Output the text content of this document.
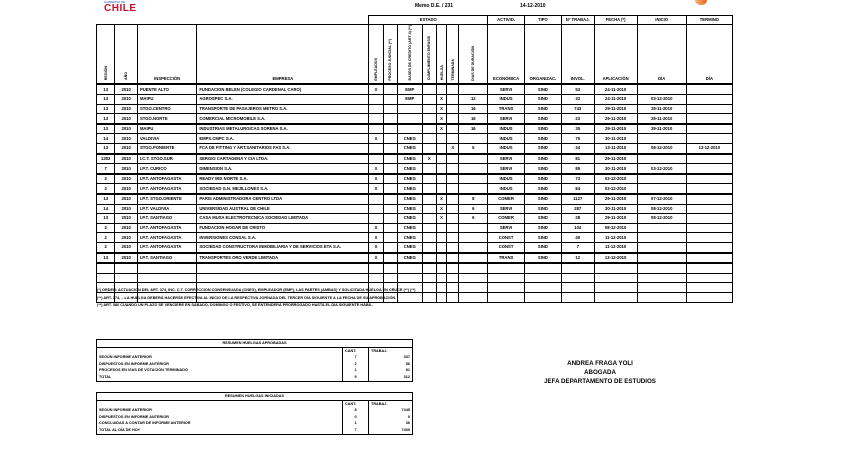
GOBIERNO DE
CHILE	Memo D.E. / 231	14-12-2010
				ESTADO							ACTIVID.	TIPO	Nº TRABAJ.	FECHA (*)	INICIO	TERMINO
REGIÓN	AÑO	INSPECCIÓN	EMPRESA	EMPLEADOS	PROCESO JUDICIAL (**)	BASES DE CREDITO (ART 4) (**)	CUMPLIMIENTO ENFASIS	HUELGA	TERMINADA	DIAS DE DURACIÓN	ECONÓMICA	ORGANIZAC.	INVOL.	APLICACIÓN	DÍA	DÍA
13	2010	PUENTE ALTO	FUNDACION BELEN (COLEGIO CARDENAL CARO)	X		EMP					SERVI	SIND	53	24-11-2010		
13	2010	MAIPU	AGROSPEC S.A.			EMP		X		12	INDUS	SIND	32	24-11-2010	03-12-2010	
13	2010	STGO.CENTRO	TRANSPORTE DE PASAJEROS METRO S.A.					X		16	TRANS	SIND	743	29-11-2010	29-11-2010	
13	2010	STGO.NORTE	COMERCIAL MICROMOBILE S.A.					X		16	SERVI	SIND	23	29-11-2010	29-11-2010	
13	2010	MAIPU	INDUSTRIAS METALURGICAS SORENA S.A.					X		16	INDUS	SIND	35	29-11-2010	29-11-2010	
14	2010	VALDIVIA	EMPS.CMPC S.A.	X		CNEG					INDUS	SIND	75	30-11-2010		
13	2010	STGO.PONIENTE	FCA DE FITTING Y ART.SANITARIOS FAS S.A.			CNEG			X	5	INDUS	SIND	34	13-11-2010	08-12-2010	13-12-2010
1302	2010	I.C.T. STGO.SUR	SERGIO CARTAGENA Y CIA LTDA.			CNEG	X				SERVI	SIND	81	29-11-2010		
7	2010	I.P.T. CURICO	DIMENSION S.A.	X		CNEG					SERVI	SIND	85	30-11-2010	03-12-2010	
2	2010	I.P.T. ANTOFAGASTA	READY MIX NORTE S.A.	X		CNEG					INDUS	SIND	73	03-12-2010		
2	2010	I.P.T. ANTOFAGASTA	SOCIEDAD G.N. MEJILLONES S.A.	X		CNEG					INDUS	SIND	84	03-12-2010		
13	2010	I.P.T. STGO.ORIENTE	PARIS ADMINISTRADORA CENTRO LTDA			CNEG		X		8	COMER	SIND	1127	29-11-2010	07-12-2010	
14	2010	I.P.T. VALDIVIA	UNIVERSIDAD AUSTRAL DE CHILE			CNEG		X		6	SERVI	SIND	287	30-11-2010	08-12-2010	
13	2010	I.P.T. SANTIAGO	CASA MUSA ELECTROTECNICA SOCIEDAD LIMITADA			CNEG		X		6	COMER	SIND	28	29-11-2010	08-12-2010	
2	2010	I.P.T. ANTOFAGASTA	FUNDACION HOGAR DE CRISTO	X		CNEG					SERVI	SIND	104	08-12-2010		
2	2010	I.P.T. ANTOFAGASTA	INVERSIONES CONSAL S.A.	X		CNEG					CONST	SIND	40	11-12-2010		
2	2010	I.P.T. ANTOFAGASTA	SOCIEDAD CONSTRUCTORA INMOBILIARIA Y DE SERVICIOS ETA S.A.	X		CNEG					CONST	SIND	7	11-12-2010		
13	2010	I.P.T. SANTIAGO	TRANSPORTES ORO VERDE LIMITADA	X		CNEG					TRANS	SIND	12	13-12-2010		

(*) ORDEN: ACTUACION DEL ART. 374, INC. C.T. CORRECCION CONSENSUADA (CNEG), EMPLEADOR (EMP), LAS PARTES (AMBAS) Y SOLICITADA HUELGA EN CRUCE (**) (**)
(**) ART. 374, ...LA HUELGA DEBERÁ HACERSE EFECTIVA AL INICIO DE LA RESPECTIVA JORNADA DEL TERCER DÍA SIGUIENTE A LA FECHA DE SU APROBACIÓN.
(**) ART. 380 CUANDO UN PLAZO SE VENCIERE EN SÁBADO, DOMINGO O FESTIVO, SE ENTENDERÁ PRORROGADO HASTA EL DÍA SIGUIENTE HÁBIL.
RESUMEN HUELGAS APROBADAS		
	CANT.	TRABAJ.
SEGÚN INFORME ANTERIOR	7	337
DISPUESTOS EN INFORME ANTERIOR	2	56
PROCESOS EN VÍAS DE VOTACIÓN TERMINADO	1	81
TOTAL	9	312
RESUMEN HUELGAS INICIADAS		
	CANT.	TRABAJ.
SEGÚN INFORME ANTERIOR	8	7445
DISPUESTOS EN INFORME ANTERIOR	0	0
CONCLUIDAS A CONTAR DE INFORME ANTERIOR	1	36
TOTAL AL DÍA DE HOY	7	7409
ANDREA FRAGA YOLI
ABOGADA
JEFA DEPARTAMENTO DE ESTUDIOS
